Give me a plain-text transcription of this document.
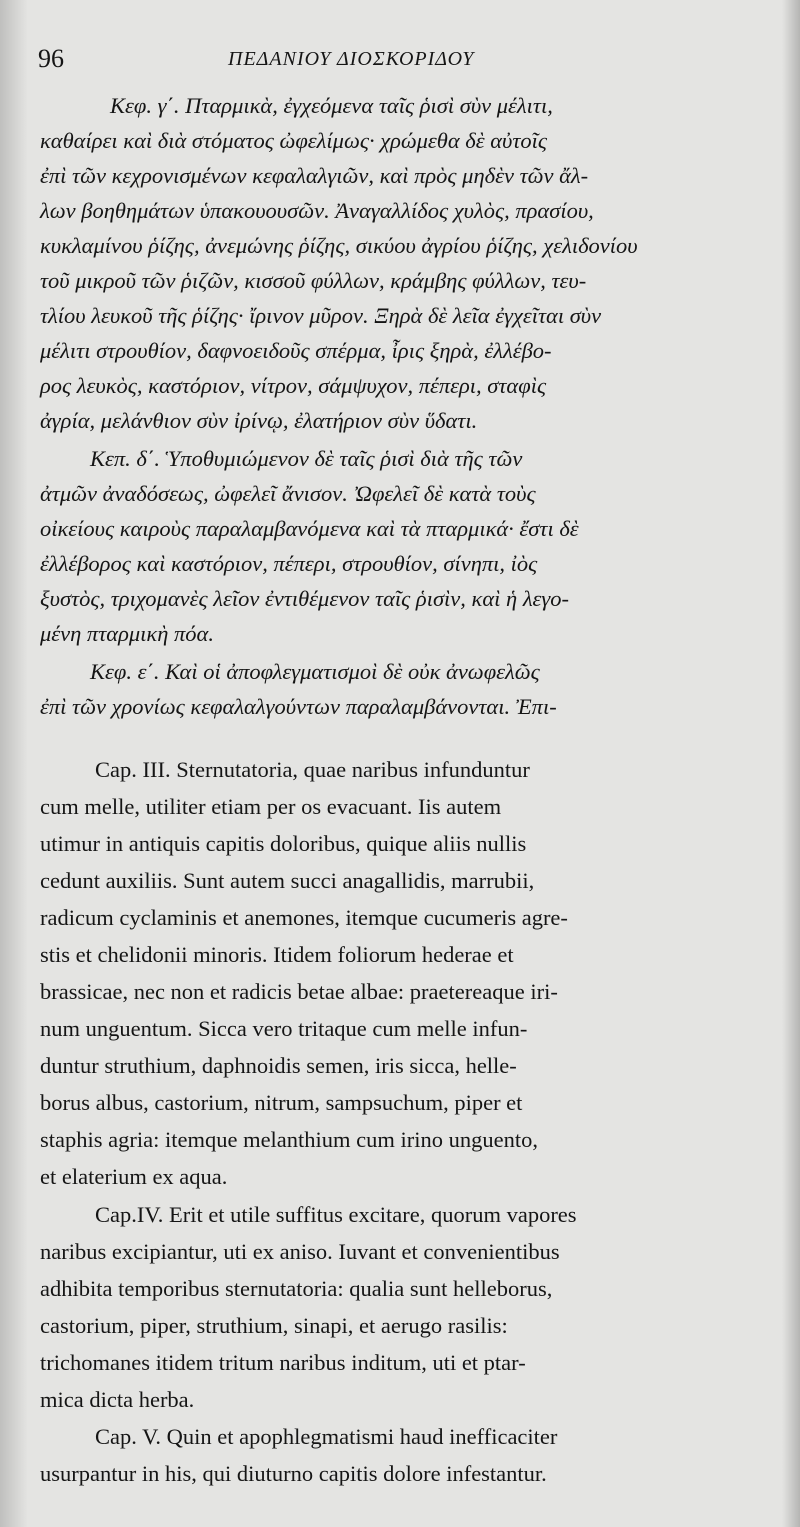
96	ΠΕΔΑΝΙΟΥ ΔΙΟΣΚΟΡΙΔΟΥ
Κεφ. γ΄. Πταρμικὰ, ἐγχεόμενα ταῖς ῥισὶ σὺν μέλιτι,
καθαίρει καὶ διὰ στόματος ὠφελίμως· χρώμεθα δὲ αὐτοῖς
ἐπὶ τῶν κεχρονισμένων κεφαλαλγιῶν, καὶ πρὸς μηδὲν τῶν ἄλ-
λων βοηθημάτων ὑπακουουσῶν. Ἀναγαλλίδος χυλὸς, πρασίου,
κυκλαμίνου ῥίζης, ἀνεμώνης ῥίζης, σικύου ἀγρίου ῥίζης, χελιδονίου
τοῦ μικροῦ τῶν ῥιζῶν, κισσοῦ φύλλων, κράμβης φύλλων, τευ-
τλίου λευκοῦ τῆς ῥίζης· ἴρινον μῦρον. Ξηρὰ δὲ λεῖα ἐγχεῖται σὺν
μέλιτι στρουθίον, δαφνοειδοῦς σπέρμα, ἶρις ξηρὰ, ἐλλέβο-
ρος λευκὸς, καστόριον, νίτρον, σάμψυχον, πέπερι, σταφὶς
ἀγρία, μελάνθιον σὺν ἰρίνῳ, ἐλατήριον σὺν ὕδατι.
Κεπ. δ΄. Ὑποθυμιώμενον δὲ ταῖς ῥισὶ διὰ τῆς τῶν
ἀτμῶν ἀναδόσεως, ὠφελεῖ ἄνισον. Ὠφελεῖ δὲ κατὰ τοὺς
οἰκείους καιροὺς παραλαμβανόμενα καὶ τὰ πταρμικά· ἔστι δὲ
ἐλλέβορος καὶ καστόριον, πέπερι, στρουθίον, σίνηπι, ἰὸς
ξυστὸς, τριχομανὲς λεῖον ἐντιθέμενον ταῖς ῥισὶν, καὶ ἡ λεγο-
μένη πταρμικὴ πόα.
Κεφ. ε΄. Καὶ οἱ ἀποφλεγματισμοὶ δὲ οὐκ ἀνωφελῶς
ἐπὶ τῶν χρονίως κεφαλαλγούντων παραλαμβάνονται. Ἐπι-
Cap. III. Sternutatoria, quae naribus infunduntur
cum melle, utiliter etiam per os evacuant. Iis autem
utimur in antiquis capitis doloribus, quique aliis nullis
cedunt auxiliis. Sunt autem succi anagallidis, marrubii,
radicum cyclaminis et anemones, itemque cucumeris agre-
stis et chelidonii minoris. Itidem foliorum hederae et
brassicae, nec non et radicis betae albae: praetereaque iri-
num unguentum. Sicca vero tritaque cum melle infun-
duntur struthium, daphnoidis semen, iris sicca, helle-
borus albus, castorium, nitrum, sampsuchum, piper et
staphis agria: itemque melanthium cum irino unguento,
et elaterium ex aqua.
Cap.IV. Erit et utile suffitus excitare, quorum vapores
naribus excipiantur, uti ex aniso. Iuvant et convenientibus
adhibita temporibus sternutatoria: qualia sunt helleborus,
castorium, piper, struthium, sinapi, et aerugo rasilis:
trichomanes itidem tritum naribus inditum, uti et ptar-
mica dicta herba.
Cap. V. Quin et apophlegmatismi haud inefficaciter
usurpantur in his, qui diuturno capitis dolore infestantur.
